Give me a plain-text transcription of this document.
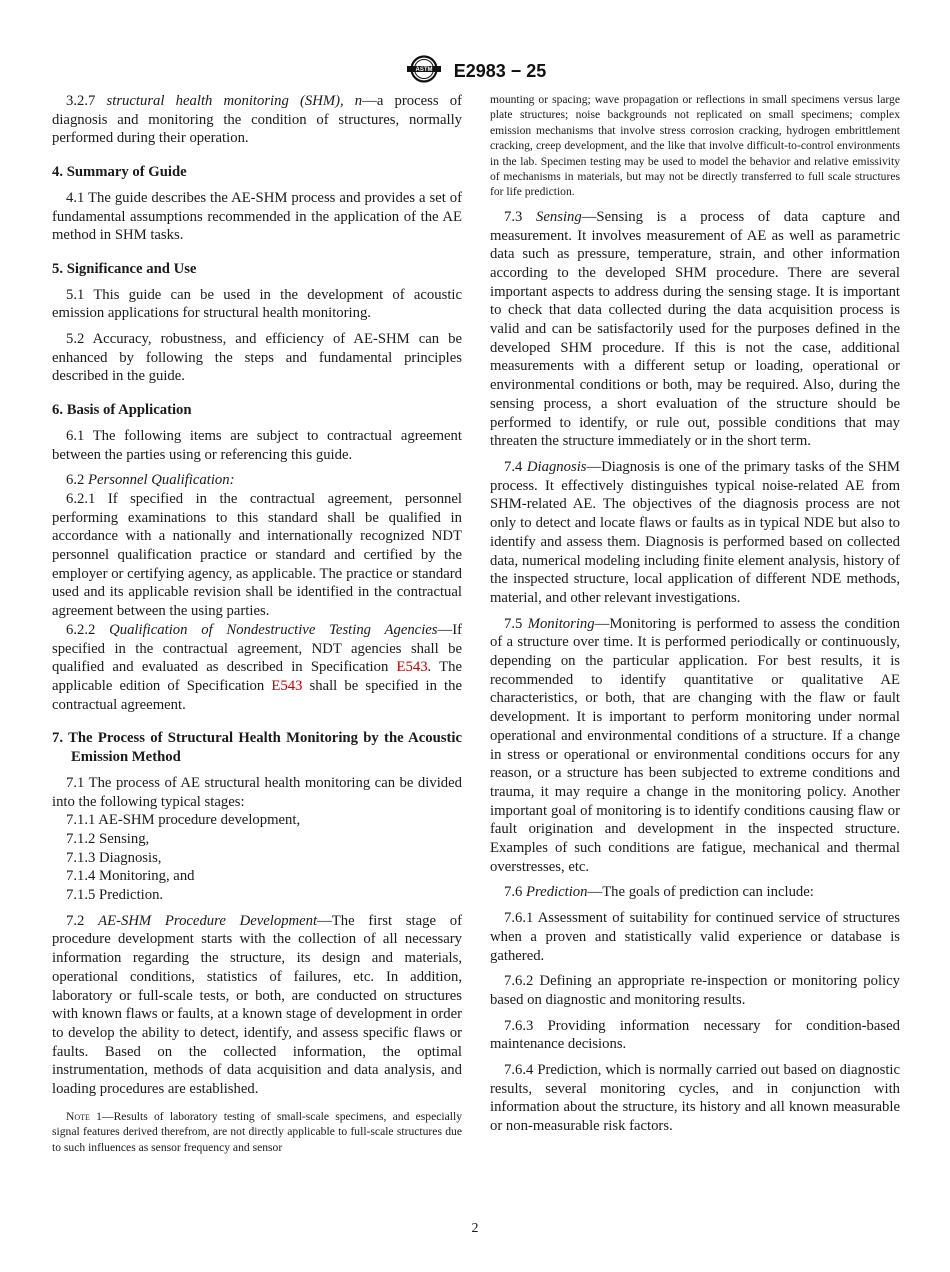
ASTM E2983 − 25

3.2.7 structural health monitoring (SHM), n—a process of diagnosis and monitoring the condition of structures, normally performed during their operation.

4. Summary of Guide

4.1 The guide describes the AE-SHM process and provides a set of fundamental assumptions recommended in the application of the AE method in SHM tasks.

5. Significance and Use

5.1 This guide can be used in the development of acoustic emission applications for structural health monitoring.

5.2 Accuracy, robustness, and efficiency of AE-SHM can be enhanced by following the steps and fundamental principles described in the guide.

6. Basis of Application

6.1 The following items are subject to contractual agreement between the parties using or referencing this guide.

6.2 Personnel Qualification:

6.2.1 If specified in the contractual agreement, personnel performing examinations to this standard shall be qualified in accordance with a nationally and internationally recognized NDT personnel qualification practice or standard and certified by the employer or certifying agency, as applicable. The practice or standard used and its applicable revision shall be identified in the contractual agreement between the using parties.

6.2.2 Qualification of Nondestructive Testing Agencies—If specified in the contractual agreement, NDT agencies shall be qualified and evaluated as described in Specification E543. The applicable edition of Specification E543 shall be specified in the contractual agreement.

7. The Process of Structural Health Monitoring by the Acoustic Emission Method

7.1 The process of AE structural health monitoring can be divided into the following typical stages:

7.1.1 AE-SHM procedure development,

7.1.2 Sensing,

7.1.3 Diagnosis,

7.1.4 Monitoring, and

7.1.5 Prediction.

7.2 AE-SHM Procedure Development—The first stage of procedure development starts with the collection of all necessary information regarding the structure, its design and materials, operational conditions, statistics of failures, etc. In addition, laboratory or full-scale tests, or both, are conducted on structures with known flaws or faults, at a known stage of development in order to develop the ability to detect, identify, and assess specific flaws or faults. Based on the collected information, the optimal instrumentation, methods of data acquisition and data analysis, and loading procedures are established.

Note 1—Results of laboratory testing of small-scale specimens, and especially signal features derived therefrom, are not directly applicable to full-scale structures due to such influences as sensor frequency and sensor

mounting or spacing; wave propagation or reflections in small specimens versus large plate structures; noise backgrounds not replicated on small specimens; complex emission mechanisms that involve stress corrosion cracking, hydrogen embrittlement cracking, creep development, and the like that involve difficult-to-control environments in the lab. Specimen testing may be used to model the behavior and relative emissivity of mechanisms in materials, but may not be directly transferred to full scale structures for life prediction.

7.3 Sensing—Sensing is a process of data capture and measurement. It involves measurement of AE as well as parametric data such as pressure, temperature, strain, and other information according to the developed SHM procedure. There are several important aspects to address during the sensing stage. It is important to check that data collected during the data acquisition process is valid and can be satisfactorily used for the purposes defined in the developed SHM procedure. If this is not the case, additional measurements with a different setup or loading, operational or environmental conditions or both, may be required. Also, during the sensing process, a short evaluation of the structure should be performed to identify, or rule out, possible conditions that may threaten the structure immediately or in the short term.

7.4 Diagnosis—Diagnosis is one of the primary tasks of the SHM process. It effectively distinguishes typical noise-related AE from SHM-related AE. The objectives of the diagnosis process are not only to detect and locate flaws or faults as in typical NDE but also to identify and assess them. Diagnosis is performed based on collected data, numerical modeling including finite element analysis, history of the inspected structure, local application of different NDE methods, material, and other relevant investigations.

7.5 Monitoring—Monitoring is performed to assess the condition of a structure over time. It is performed periodically or continuously, depending on the particular application. For best results, it is recommended to identify quantitative or qualitative AE characteristics, or both, that are changing with the flaw or fault development. It is important to perform monitoring under normal operational and environmental conditions of a structure. If a change in stress or operational or environmental conditions occurs for any reason, or a structure has been subjected to extreme conditions and trauma, it may require a change in the monitoring policy. Another important goal of monitoring is to identify conditions causing flaw or fault origination and development in the inspected structure. Examples of such conditions are fatigue, mechanical and thermal overstresses, etc.

7.6 Prediction—The goals of prediction can include:

7.6.1 Assessment of suitability for continued service of structures when a proven and statistically valid experience or database is gathered.

7.6.2 Defining an appropriate re-inspection or monitoring policy based on diagnostic and monitoring results.

7.6.3 Providing information necessary for condition-based maintenance decisions.

7.6.4 Prediction, which is normally carried out based on diagnostic results, several monitoring cycles, and in conjunction with information about the structure, its history and all known measurable or non-measurable risk factors.

2
